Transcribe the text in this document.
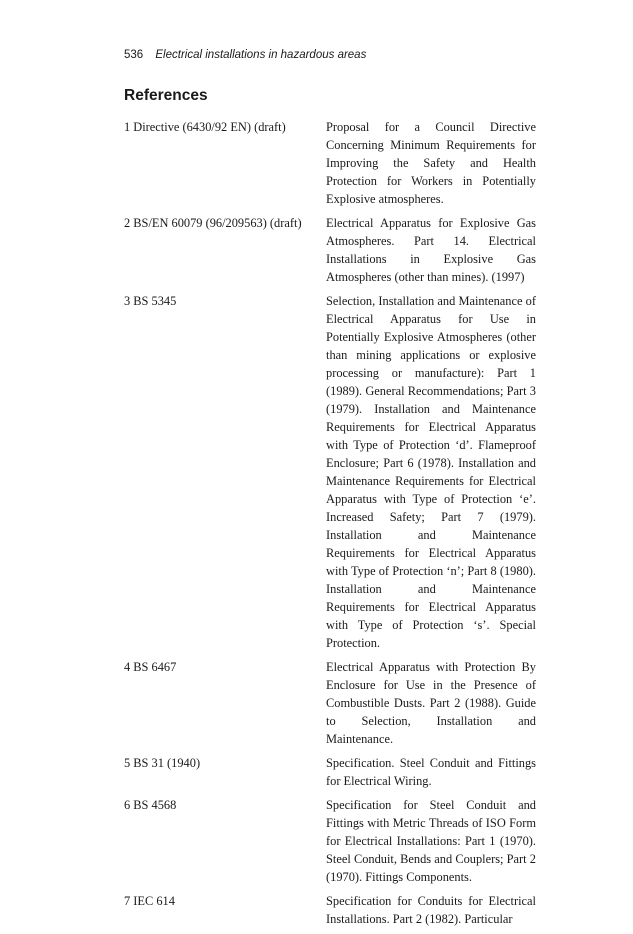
536 Electrical installations in hazardous areas
References
1 Directive (6430/92 EN) (draft)	Proposal for a Council Directive Concerning Minimum Requirements for Improving the Safety and Health Protection for Workers in Potentially Explosive atmospheres.
2 BS/EN 60079 (96/209563) (draft)	Electrical Apparatus for Explosive Gas Atmospheres. Part 14. Electrical Installations in Explosive Gas Atmospheres (other than mines). (1997)
3 BS 5345	Selection, Installation and Maintenance of Electrical Apparatus for Use in Potentially Explosive Atmospheres (other than mining applications or explosive processing or manufacture): Part 1 (1989). General Recommendations; Part 3 (1979). Installation and Maintenance Requirements for Electrical Apparatus with Type of Protection ‘d’. Flameproof Enclosure; Part 6 (1978). Installation and Maintenance Requirements for Electrical Apparatus with Type of Protection ‘e’. Increased Safety; Part 7 (1979). Installation and Maintenance Requirements for Electrical Apparatus with Type of Protection ‘n’; Part 8 (1980). Installation and Maintenance Requirements for Electrical Apparatus with Type of Protection ‘s’. Special Protection.
4 BS 6467	Electrical Apparatus with Protection By Enclosure for Use in the Presence of Combustible Dusts. Part 2 (1988). Guide to Selection, Installation and Maintenance.
5 BS 31 (1940)	Specification. Steel Conduit and Fittings for Electrical Wiring.
6 BS 4568	Specification for Steel Conduit and Fittings with Metric Threads of ISO Form for Electrical Installations: Part 1 (1970). Steel Conduit, Bends and Couplers; Part 2 (1970). Fittings Components.
7 IEC 614	Specification for Conduits for Electrical Installations. Part 2 (1982). Particular
